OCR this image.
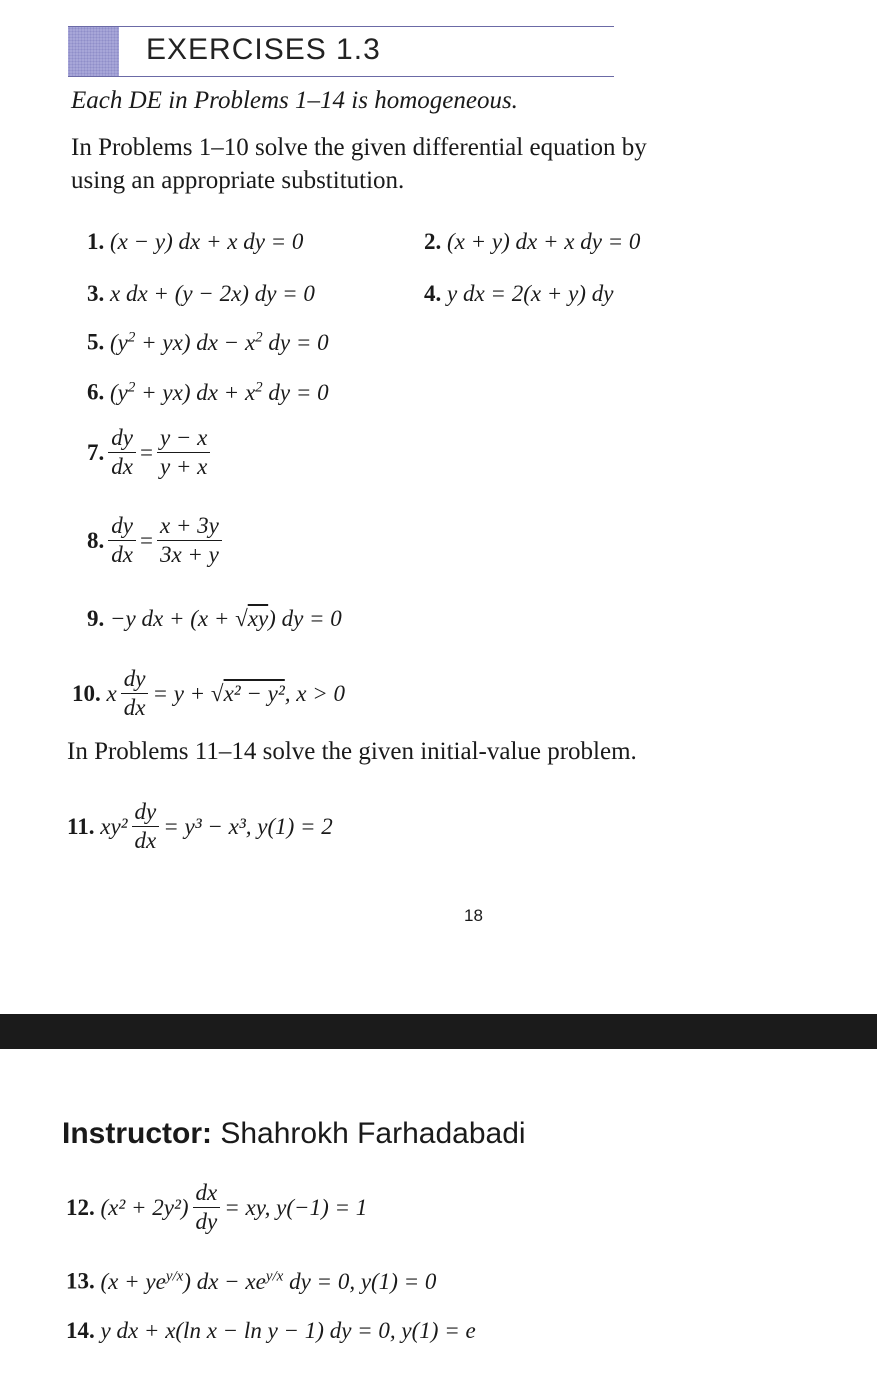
EXERCISES 1.3
Each DE in Problems 1–14 is homogeneous.
In Problems 1–10 solve the given differential equation by
using an appropriate substitution.
1. (x − y) dx + x dy = 0	2. (x + y) dx + x dy = 0
3. x dx + (y − 2x) dy = 0	4. y dx = 2(x + y) dy
5. $(y^2 + yx)$ dx − $x^2$ dy = 0
6. $(y^2 + yx)$ dx + $x^2$ dy = 0
7. $\frac{dy}{dx} = \frac{y - x}{y + x}$
8. $\frac{dy}{dx} = \frac{x + 3y}{3x + y}$
9. −y dx + (x + √xy) dy = 0
10.
x $\frac{dy}{dx} = y + √x^2 - y^2$, x > 0
In Problems 11–14 solve the given initial-value problem.
11.
$xy^2 \frac{dy}{dx} = y^3 - x^3$, y(1) = 2
18
Instructor: Shahrokh Farhadabadi
12.
$(x^2 + 2y^2) \frac{dx}{dy}$ = xy, y(−1) = 1
13. $(x + ye^{y/x})$ dx − $xe^{y/x}$ dy = 0, y(1) = 0
14. y dx + x(ln x − ln y − 1) dy = 0, y(1) = e
